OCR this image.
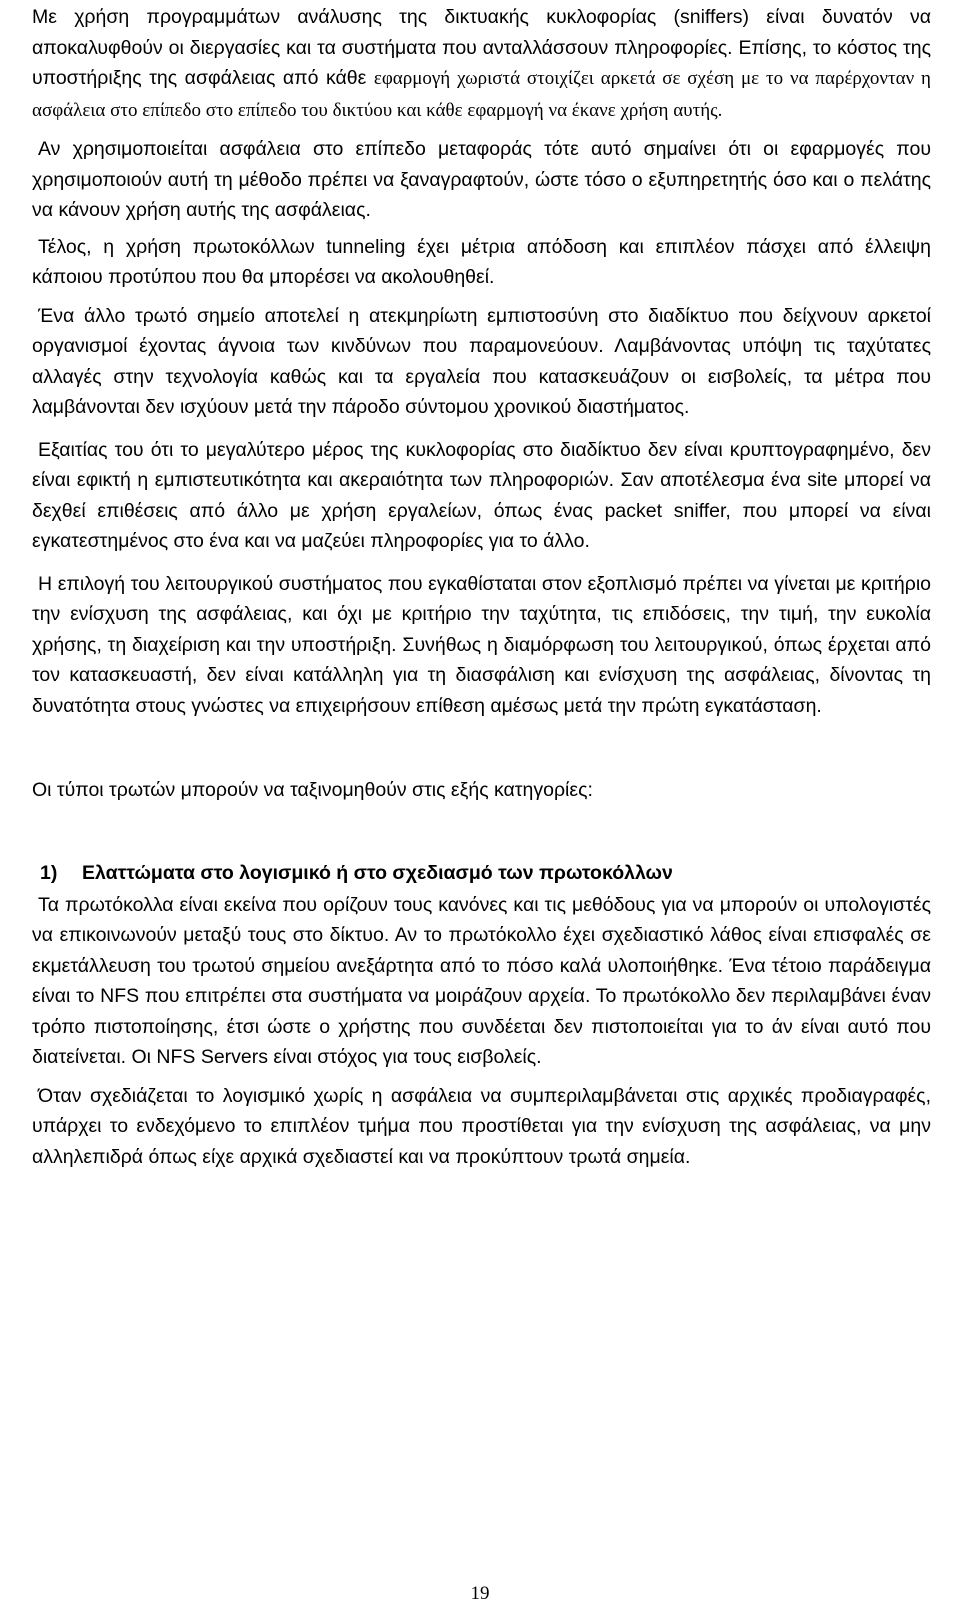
Με χρήση προγραμμάτων ανάλυσης της δικτυακής κυκλοφορίας (sniffers) είναι δυνατόν να αποκαλυφθούν οι διεργασίες και τα συστήματα που ανταλλάσσουν πληροφορίες. Επίσης, το κόστος της υποστήριξης της ασφάλειας από κάθε εφαρμογή χωριστά στοιχίζει αρκετά σε σχέση με το να παρέρχονταν η ασφάλεια στο επίπεδο στο επίπεδο του δικτύου και κάθε εφαρμογή να έκανε χρήση αυτής.

Αν χρησιμοποιείται ασφάλεια στο επίπεδο μεταφοράς τότε αυτό σημαίνει ότι οι εφαρμογές που χρησιμοποιούν αυτή τη μέθοδο πρέπει να ξαναγραφτούν, ώστε τόσο ο εξυπηρετητής όσο και ο πελάτης να κάνουν χρήση αυτής της ασφάλειας.

Τέλος, η χρήση πρωτοκόλλων tunneling έχει μέτρια απόδοση και επιπλέον πάσχει από έλλειψη κάποιου προτύπου που θα μπορέσει να ακολουθηθεί.

Ένα άλλο τρωτό σημείο αποτελεί η ατεκμηρίωτη εμπιστοσύνη στο διαδίκτυο που δείχνουν αρκετοί οργανισμοί έχοντας άγνοια των κινδύνων που παραμονεύουν. Λαμβάνοντας υπόψη τις ταχύτατες αλλαγές στην τεχνολογία καθώς και τα εργαλεία που κατασκευάζουν οι εισβολείς, τα μέτρα που λαμβάνονται δεν ισχύουν μετά την πάροδο σύντομου χρονικού διαστήματος.

Εξαιτίας του ότι το μεγαλύτερο μέρος της κυκλοφορίας στο διαδίκτυο δεν είναι κρυπτογραφημένο, δεν είναι εφικτή η εμπιστευτικότητα και ακεραιότητα των πληροφοριών. Σαν αποτέλεσμα ένα site μπορεί να δεχθεί επιθέσεις από άλλο με χρήση εργαλείων, όπως ένας packet sniffer, που μπορεί να είναι εγκατεστημένος στο ένα και να μαζεύει πληροφορίες για το άλλο.

Η επιλογή του λειτουργικού συστήματος που εγκαθίσταται στον εξοπλισμό πρέπει να γίνεται με κριτήριο την ενίσχυση της ασφάλειας, και όχι με κριτήριο την ταχύτητα, τις επιδόσεις, την τιμή, την ευκολία χρήσης, τη διαχείριση και την υποστήριξη. Συνήθως η διαμόρφωση του λειτουργικού, όπως έρχεται από τον κατασκευαστή, δεν είναι κατάλληλη για τη διασφάλιση και ενίσχυση της ασφάλειας, δίνοντας τη δυνατότητα στους γνώστες να επιχειρήσουν επίθεση αμέσως μετά την πρώτη εγκατάσταση.

Οι τύποι τρωτών μπορούν να ταξινομηθούν στις εξής κατηγορίες:

1) Ελαττώματα στο λογισμικό ή στο σχεδιασμό των πρωτοκόλλων

Τα πρωτόκολλα είναι εκείνα που ορίζουν τους κανόνες και τις μεθόδους για να μπορούν οι υπολογιστές να επικοινωνούν μεταξύ τους στο δίκτυο. Αν το πρωτόκολλο έχει σχεδιαστικό λάθος είναι επισφαλές σε εκμετάλλευση του τρωτού σημείου ανεξάρτητα από το πόσο καλά υλοποιήθηκε. Ένα τέτοιο παράδειγμα είναι το NFS που επιτρέπει στα συστήματα να μοιράζουν αρχεία. Το πρωτόκολλο δεν περιλαμβάνει έναν τρόπο πιστοποίησης, έτσι ώστε ο χρήστης που συνδέεται δεν πιστοποιείται για το άν είναι αυτό που διατείνεται. Οι NFS Servers είναι στόχος για τους εισβολείς.

Όταν σχεδιάζεται το λογισμικό χωρίς η ασφάλεια να συμπεριλαμβάνεται στις αρχικές προδιαγραφές, υπάρχει το ενδεχόμενο το επιπλέον τμήμα που προστίθεται για την ενίσχυση της ασφάλειας, να μην αλληλεπιδρά όπως είχε αρχικά σχεδιαστεί και να προκύπτουν τρωτά σημεία.

19
